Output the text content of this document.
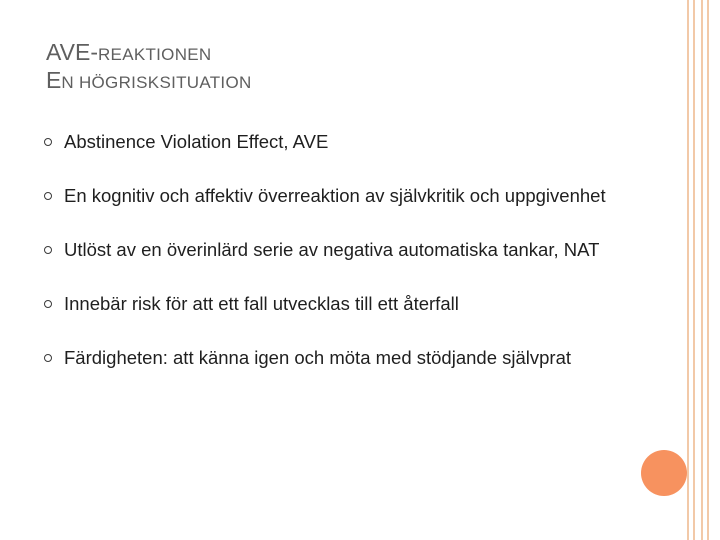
AVE-REAKTIONEN
EN HÖGRISKSITUATION
Abstinence Violation Effect, AVE
En kognitiv och affektiv överreaktion av självkritik och uppgivenhet
Utlöst av en överinlärd serie av negativa automatiska tankar, NAT
Innebär risk för att ett fall utvecklas till ett återfall
Färdigheten: att känna igen och möta med stödjande självprat
